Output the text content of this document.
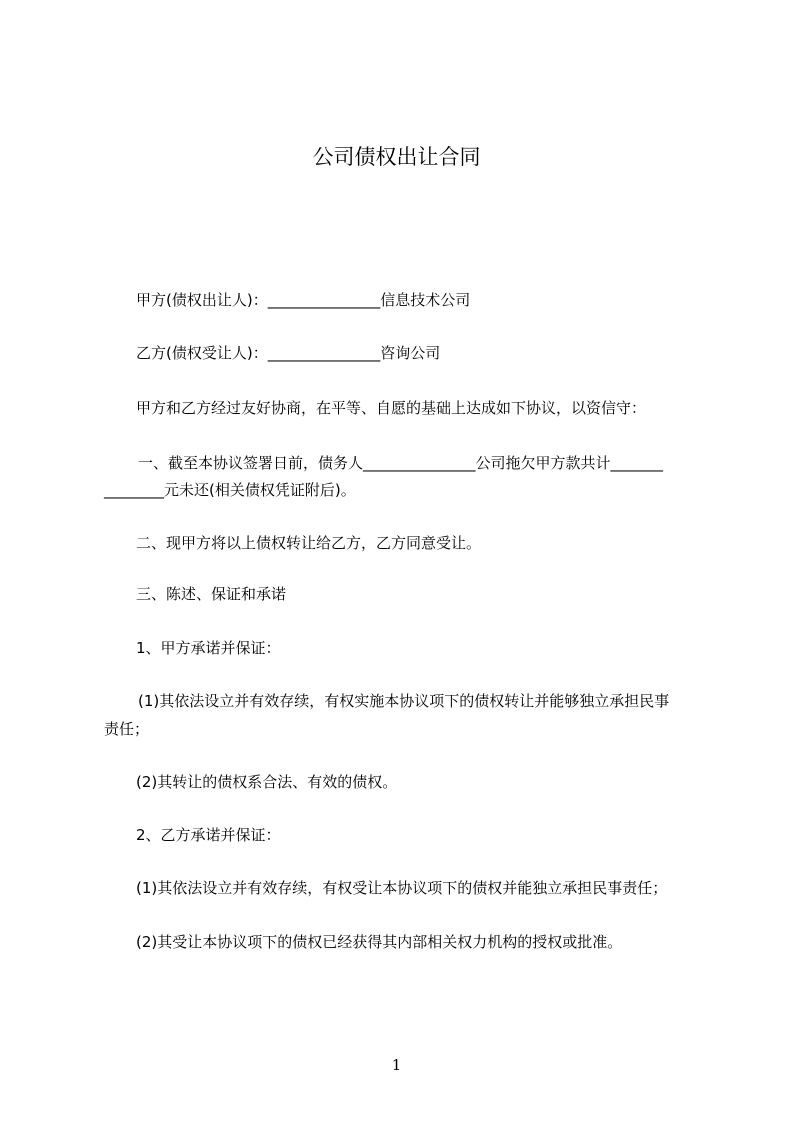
公司债权出让合同
甲方(债权出让人)：_______________信息技术公司
乙方(债权受让人)：_______________咨询公司
甲方和乙方经过友好协商，在平等、自愿的基础上达成如下协议，以资信守：
一、截至本协议签署日前，债务人_______________公司拖欠甲方款共计_______
________元未还(相关债权凭证附后)。
二、现甲方将以上债权转让给乙方，乙方同意受让。
三、陈述、保证和承诺
1、甲方承诺并保证：
(1)其依法设立并有效存续，有权实施本协议项下的债权转让并能够独立承担民事
责任；
(2)其转让的债权系合法、有效的债权。
2、乙方承诺并保证：
(1)其依法设立并有效存续，有权受让本协议项下的债权并能独立承担民事责任；
(2)其受让本协议项下的债权已经获得其内部相关权力机构的授权或批准。
1
